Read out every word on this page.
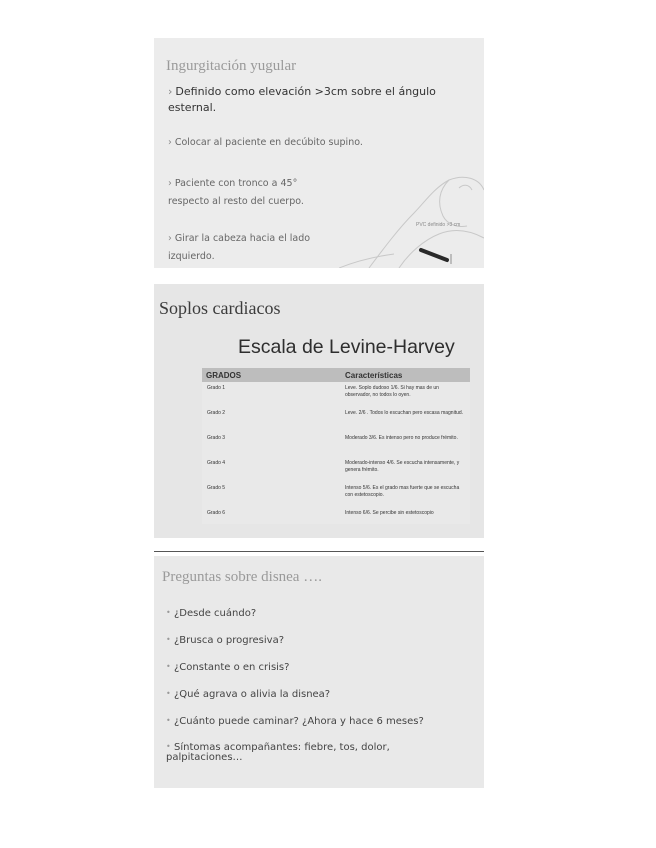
Ingurgitación yugular
› Definido como elevación >3cm sobre el ángulo esternal.
› Colocar al paciente en decúbito supino.
› Paciente con tronco a 45° respecto al resto del cuerpo.
› Girar la cabeza hacia el lado izquierdo.
PVC definido >3 cm
Soplos cardiacos
Escala de Levine-Harvey
GRADOS	Características
Grado 1	Leve. Soplo dudoso 1/6. Si hay mas de un observador, no todos lo oyen.
Grado 2	Leve. 2/6 . Todos lo escuchan pero escasa magnitud.
Grado 3	Moderado 3/6. Es intenso pero no produce frémito.
Grado 4	Moderado-intenso 4/6. Se escucha intensamente, y genera frémito.
Grado 5	Intenso 5/6. Es el grado mas fuerte que se escucha con estetoscopio.
Grado 6	Intenso 6/6. Se percibe sin estetoscopio
Preguntas sobre disnea ….
• ¿Desde cuándo?
• ¿Brusca o progresiva?
• ¿Constante o en crisis?
• ¿Qué agrava o alivia la disnea?
• ¿Cuánto puede caminar? ¿Ahora y hace 6 meses?
• Síntomas acompañantes: fiebre, tos, dolor, palpitaciones…
